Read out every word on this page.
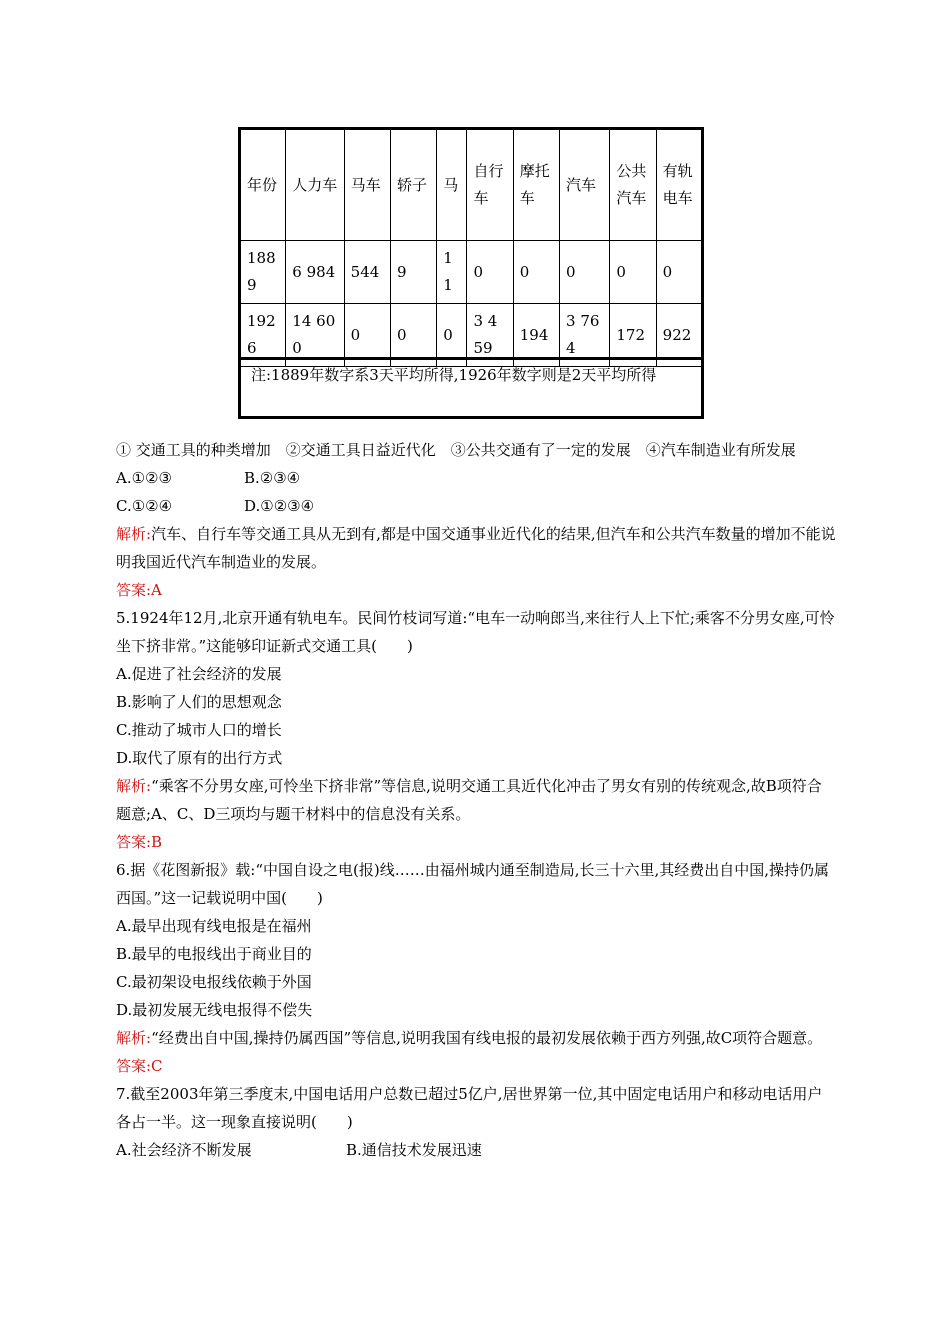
年份	人力车	马车	轿子	马	自行车	摩托车	汽车	公共汽车	有轨电车
1889	6 984	544	9	11	0	0	0	0	0
1926	14 600	0	0	0	3 459	194	3 764	172	922
注:1889年数字系3天平均所得,1926年数字则是2天平均所得

① 交通工具的种类增加　②交通工具日益近代化　③公共交通有了一定的发展　④汽车制造业有所发展

A.①②③	B.②③④

C.①②④	D.①②③④

解析:汽车、自行车等交通工具从无到有,都是中国交通事业近代化的结果,但汽车和公共汽车数量的增加不能说明我国近代汽车制造业的发展。

答案:A

5.1924年12月,北京开通有轨电车。民间竹枝词写道:“电车一动响郎当,来往行人上下忙;乘客不分男女座,可怜坐下挤非常。”这能够印证新式交通工具(　　)

A.促进了社会经济的发展

B.影响了人们的思想观念

C.推动了城市人口的增长

D.取代了原有的出行方式

解析:“乘客不分男女座,可怜坐下挤非常”等信息,说明交通工具近代化冲击了男女有别的传统观念,故B项符合题意;A、C、D三项均与题干材料中的信息没有关系。

答案:B

6.据《花图新报》载:“中国自设之电(报)线……由福州城内通至制造局,长三十六里,其经费出自中国,操持仍属西国。”这一记载说明中国(　　)

A.最早出现有线电报是在福州

B.最早的电报线出于商业目的

C.最初架设电报线依赖于外国

D.最初发展无线电报得不偿失

解析:“经费出自中国,操持仍属西国”等信息,说明我国有线电报的最初发展依赖于西方列强,故C项符合题意。

答案:C

7.截至2003年第三季度末,中国电话用户总数已超过5亿户,居世界第一位,其中固定电话用户和移动电话用户各占一半。这一现象直接说明(　　)

A.社会经济不断发展	B.通信技术发展迅速
